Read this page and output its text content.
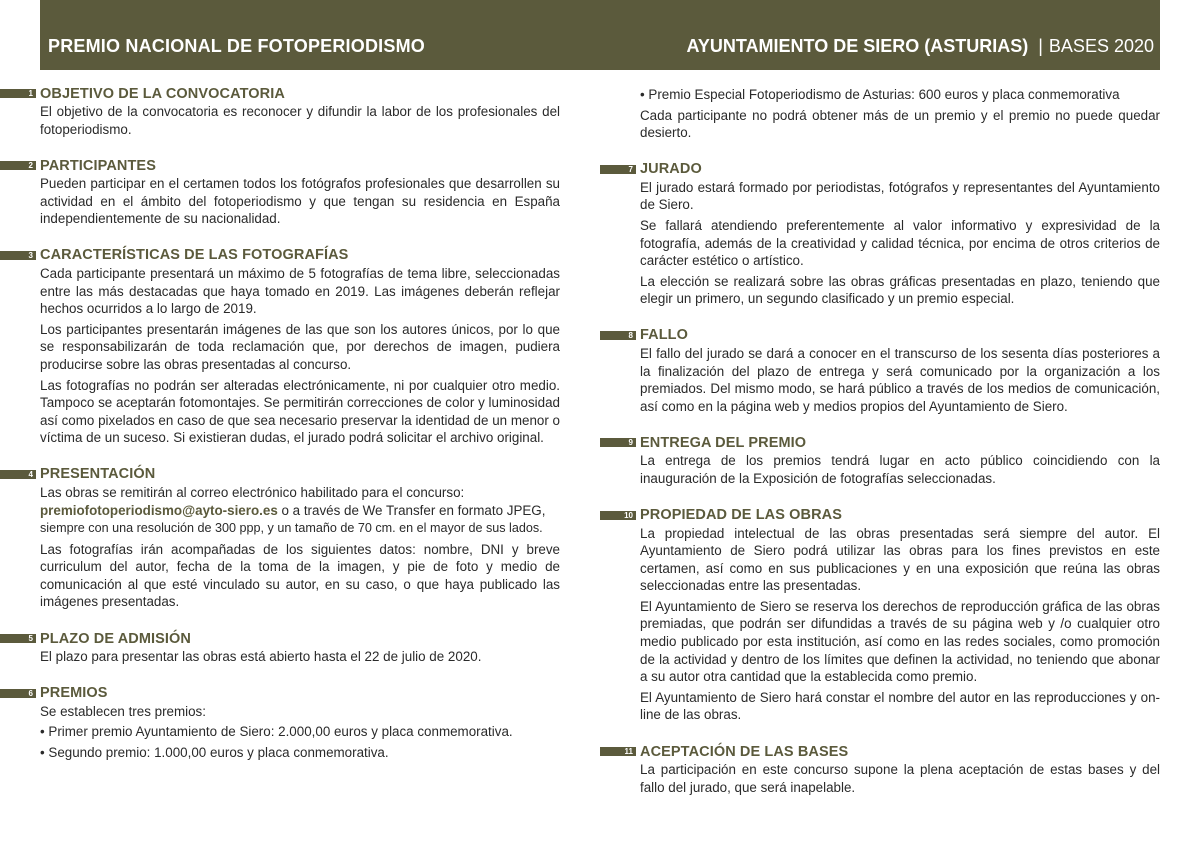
PREMIO NACIONAL DE FOTOPERIODISMO	AYUNTAMIENTO DE SIERO (ASTURIAS) | BASES 2020
1 OBJETIVO DE LA CONVOCATORIA

El objetivo de la convocatoria es reconocer y difundir la labor de los profesionales del fotoperiodismo.

2 PARTICIPANTES

Pueden participar en el certamen todos los fotógrafos profesionales que desarrollen su actividad en el ámbito del fotoperiodismo y que tengan su residencia en España independientemente de su nacionalidad.

3 CARACTERÍSTICAS DE LAS FOTOGRAFÍAS

Cada participante presentará un máximo de 5 fotografías de tema libre, seleccionadas entre las más destacadas que haya tomado en 2019. Las imágenes deberán reflejar hechos ocurridos a lo largo de 2019.

Los participantes presentarán imágenes de las que son los autores únicos, por lo que se responsabilizarán de toda reclamación que, por derechos de imagen, pudiera producirse sobre las obras presentadas al concurso.

Las fotografías no podrán ser alteradas electrónicamente, ni por cualquier otro medio. Tampoco se aceptarán fotomontajes. Se permitirán correcciones de color y luminosidad así como pixelados en caso de que sea necesario preservar la identidad de un menor o víctima de un suceso. Si existieran dudas, el jurado podrá solicitar el archivo original.

4 PRESENTACIÓN

Las obras se remitirán al correo electrónico habilitado para el concurso:
premiofotoperiodismo@ayto-siero.es o a través de We Transfer en formato JPEG,
siempre con una resolución de 300 ppp, y un tamaño de 70 cm. en el mayor de sus lados.

Las fotografías irán acompañadas de los siguientes datos: nombre, DNI y breve curriculum del autor, fecha de la toma de la imagen, y pie de foto y medio de comunicación al que esté vinculado su autor, en su caso, o que haya publicado las imágenes presentadas.

5 PLAZO DE ADMISIÓN

El plazo para presentar las obras está abierto hasta el 22 de julio de 2020.

6 PREMIOS

Se establecen tres premios:

• Primer premio Ayuntamiento de Siero: 2.000,00 euros y placa conmemorativa.

• Segundo premio: 1.000,00 euros y placa conmemorativa.

• Premio Especial Fotoperiodismo de Asturias: 600 euros y placa conmemorativa

Cada participante no podrá obtener más de un premio y el premio no puede quedar desierto.

7 JURADO

El jurado estará formado por periodistas, fotógrafos y representantes del Ayuntamiento de Siero.

Se fallará atendiendo preferentemente al valor informativo y expresividad de la fotografía, además de la creatividad y calidad técnica, por encima de otros criterios de carácter estético o artístico.

La elección se realizará sobre las obras gráficas presentadas en plazo, teniendo que elegir un primero, un segundo clasificado y un premio especial.

8 FALLO

El fallo del jurado se dará a conocer en el transcurso de los sesenta días posteriores a la finalización del plazo de entrega y será comunicado por la organización a los premiados. Del mismo modo, se hará público a través de los medios de comunicación, así como en la página web y medios propios del Ayuntamiento de Siero.

9 ENTREGA DEL PREMIO

La entrega de los premios tendrá lugar en acto público coincidiendo con la inauguración de la Exposición de fotografías seleccionadas.

10 PROPIEDAD DE LAS OBRAS

La propiedad intelectual de las obras presentadas será siempre del autor. El Ayuntamiento de Siero podrá utilizar las obras para los fines previstos en este certamen, así como en sus publicaciones y en una exposición que reúna las obras seleccionadas entre las presentadas.

El Ayuntamiento de Siero se reserva los derechos de reproducción gráfica de las obras premiadas, que podrán ser difundidas a través de su página web y /o cualquier otro medio publicado por esta institución, así como en las redes sociales, como promoción de la actividad y dentro de los límites que definen la actividad, no teniendo que abonar a su autor otra cantidad que la establecida como premio.

El Ayuntamiento de Siero hará constar el nombre del autor en las reproducciones y on-line de las obras.

11 ACEPTACIÓN DE LAS BASES

La participación en este concurso supone la plena aceptación de estas bases y del fallo del jurado, que será inapelable.
